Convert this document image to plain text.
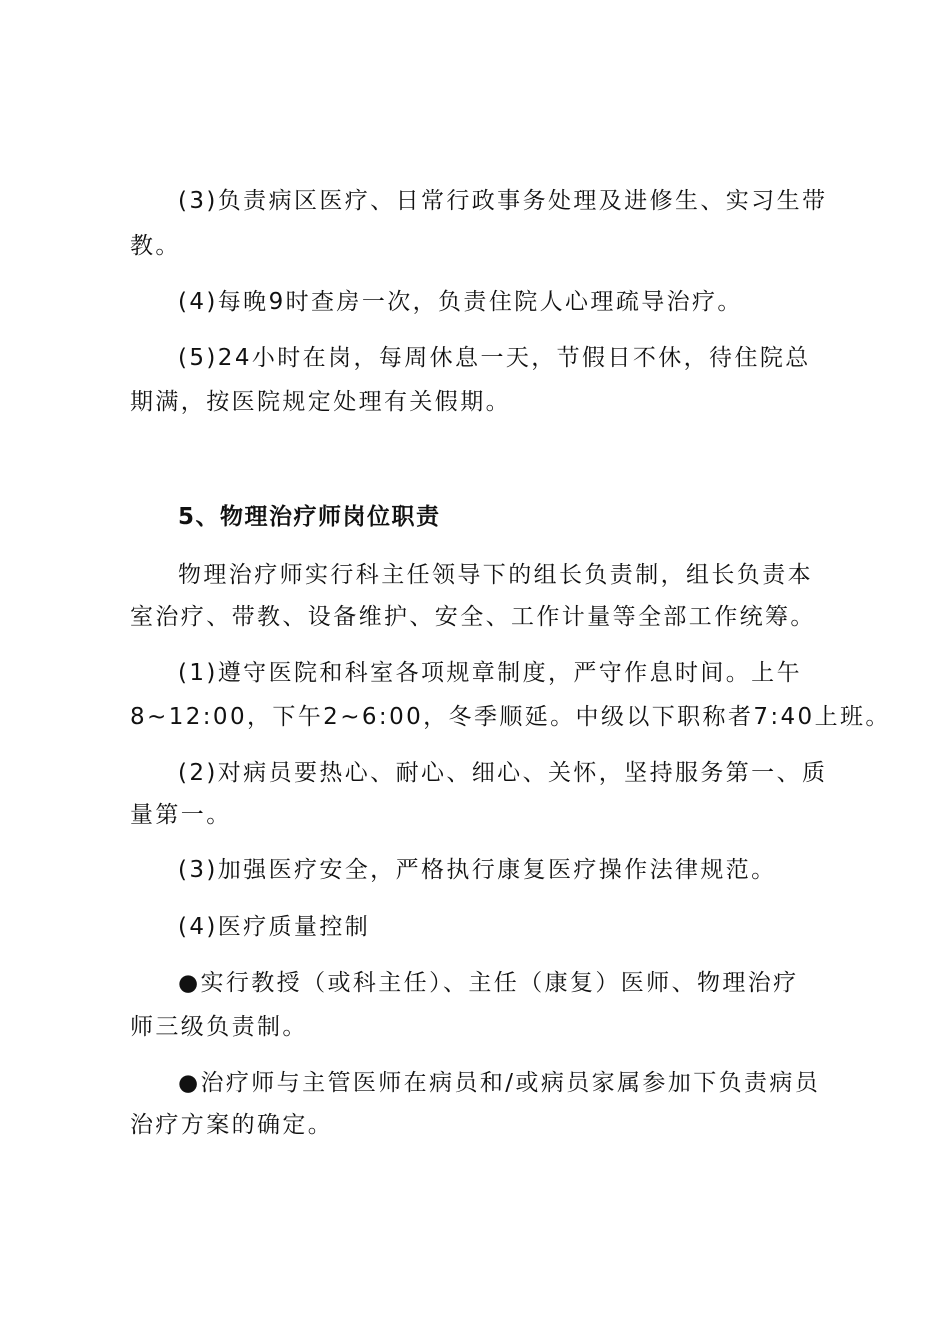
(3)负责病区医疗、日常行政事务处理及进修生、实习生带
教。
(4)每晚9时查房一次，负责住院人心理疏导治疗。
(5)24小时在岗，每周休息一天，节假日不休，待住院总
期满，按医院规定处理有关假期。
5、物理治疗师岗位职责
物理治疗师实行科主任领导下的组长负责制，组长负责本
室治疗、带教、设备维护、安全、工作计量等全部工作统筹。
(1)遵守医院和科室各项规章制度，严守作息时间。上午
8~12:00，下午2~6:00，冬季顺延。中级以下职称者7:40上班。
(2)对病员要热心、耐心、细心、关怀，坚持服务第一、质
量第一。
(3)加强医疗安全，严格执行康复医疗操作法律规范。
(4)医疗质量控制
●实行教授（或科主任）、主任（康复）医师、物理治疗
师三级负责制。
●治疗师与主管医师在病员和/或病员家属参加下负责病员
治疗方案的确定。
